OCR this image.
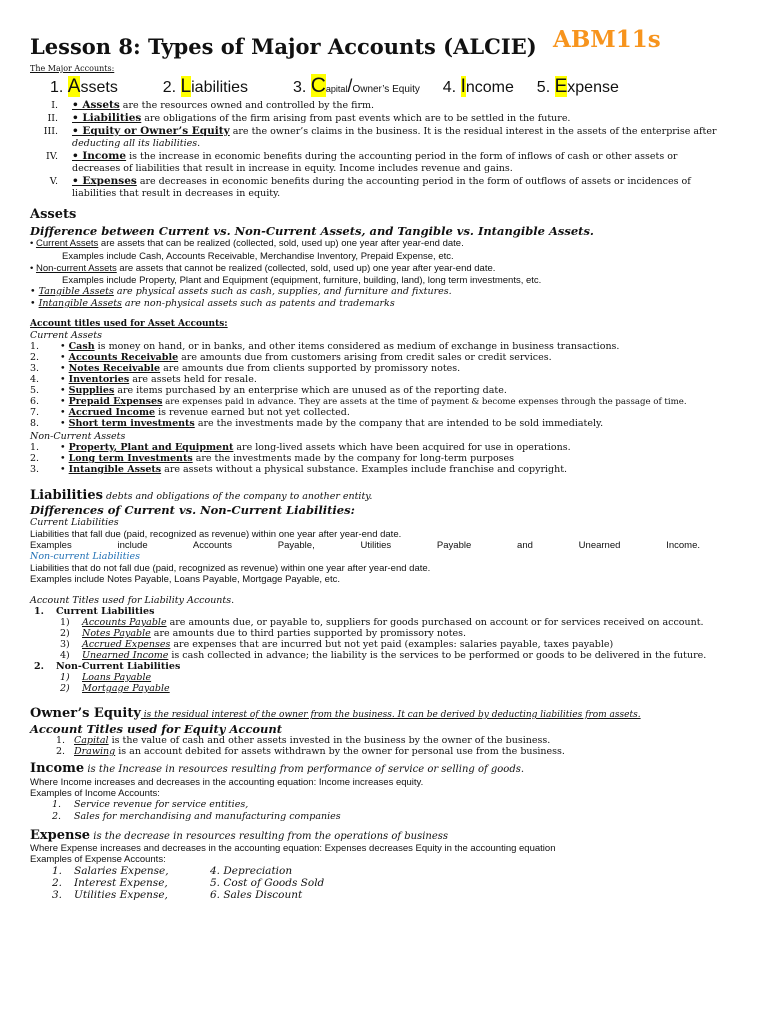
Lesson 8: Types of Major Accounts (ALCIE) ABM11s
The Major Accounts:
1. Assets	2. Liabilities	3. Capital/Owner’s Equity 4. Income 5. Expense
I. • Assets are the resources owned and controlled by the firm.
II. • Liabilities are obligations of the firm arising from past events which are to be settled in the future.
III. • Equity or Owner’s Equity are the owner’s claims in the business. It is the residual interest in the assets of the enterprise after
deducting all its liabilities.
IV. • Income is the increase in economic benefits during the accounting period in the form of inflows of cash or other assets or
decreases of liabilities that result in increase in equity. Income includes revenue and gains.
V. • Expenses are decreases in economic benefits during the accounting period in the form of outflows of assets or incidences of
liabilities that result in decreases in equity.
Assets
Difference between Current vs. Non-Current Assets, and Tangible vs. Intangible Assets.
• Current Assets are assets that can be realized (collected, sold, used up) one year after year-end date.
Examples include Cash, Accounts Receivable, Merchandise Inventory, Prepaid Expense, etc.
• Non-current Assets are assets that cannot be realized (collected, sold, used up) one year after year-end date.
Examples include Property, Plant and Equipment (equipment, furniture, building, land), long term investments, etc.
• Tangible Assets are physical assets such as cash, supplies, and furniture and fixtures.
• Intangible Assets are non-physical assets such as patents and trademarks
Account titles used for Asset Accounts:
Current Assets
1. • Cash is money on hand, or in banks, and other items considered as medium of exchange in business transactions.
2. • Accounts Receivable are amounts due from customers arising from credit sales or credit services.
3. • Notes Receivable are amounts due from clients supported by promissory notes.
4. • Inventories are assets held for resale.
5. • Supplies are items purchased by an enterprise which are unused as of the reporting date.
6. • Prepaid Expenses are expenses paid in advance. They are assets at the time of payment & become expenses through the passage of time.
7. • Accrued Income is revenue earned but not yet collected.
8. • Short term investments are the investments made by the company that are intended to be sold immediately.
Non-Current Assets
1. • Property, Plant and Equipment are long-lived assets which have been acquired for use in operations.
2. • Long term Investments are the investments made by the company for long-term purposes
3. • Intangible Assets are assets without a physical substance. Examples include franchise and copyright.
Liabilities debts and obligations of the company to another entity.
Differences of Current vs. Non-Current Liabilities:
Current Liabilities
Liabilities that fall due (paid, recognized as revenue) within one year after year-end date.
Examples include Accounts Payable, Utilities Payable and Unearned Income.
Non-current Liabilities
Liabilities that do not fall due (paid, recognized as revenue) within one year after year-end date.
Examples include Notes Payable, Loans Payable, Mortgage Payable, etc.
Account Titles used for Liability Accounts.
1. Current Liabilities
1) Accounts Payable are amounts due, or payable to, suppliers for goods purchased on account or for services received on account.
2) Notes Payable are amounts due to third parties supported by promissory notes.
3) Accrued Expenses are expenses that are incurred but not yet paid (examples: salaries payable, taxes payable)
4) Unearned Income is cash collected in advance; the liability is the services to be performed or goods to be delivered in the future.
2. Non-Current Liabilities
1) Loans Payable
2) Mortgage Payable
Owner’s Equity is the residual interest of the owner from the business. It can be derived by deducting liabilities from assets.
Account Titles used for Equity Account
1. Capital is the value of cash and other assets invested in the business by the owner of the business.
2. Drawing is an account debited for assets withdrawn by the owner for personal use from the business.
Income is the Increase in resources resulting from performance of service or selling of goods.
Where Income increases and decreases in the accounting equation: Income increases equity.
Examples of Income Accounts:
1. Service revenue for service entities,
2. Sales for merchandising and manufacturing companies
Expense is the decrease in resources resulting from the operations of business
Where Expense increases and decreases in the accounting equation: Expenses decreases Equity in the accounting equation
Examples of Expense Accounts:
1. Salaries Expense,
2. Interest Expense,
3. Utilities Expense,
4. Depreciation
5. Cost of Goods Sold
6. Sales Discount
